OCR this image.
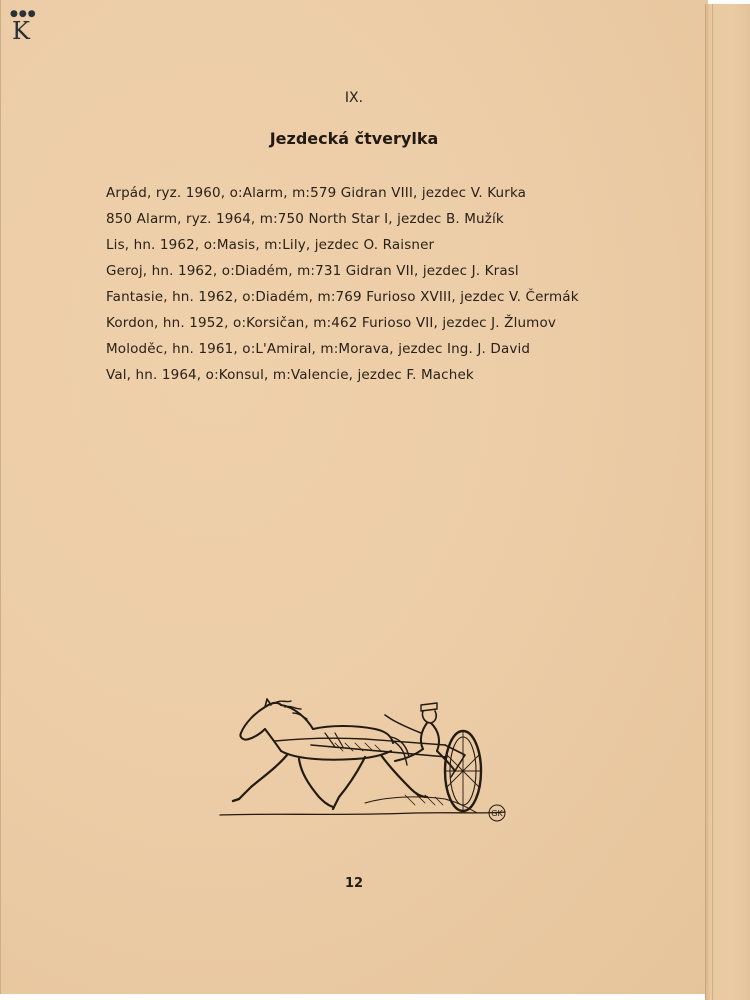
●●●
K
IX.
Jezdecká čtverylka
Arpád, ryz. 1960, o:Alarm, m:579 Gidran VIII, jezdec V. Kurka
850 Alarm, ryz. 1964, m:750 North Star I, jezdec B. Mužík
Lis, hn. 1962, o:Masis, m:Lily, jezdec O. Raisner
Geroj, hn. 1962, o:Diadém, m:731 Gidran VII, jezdec J. Krasl
Fantasie, hn. 1962, o:Diadém, m:769 Furioso XVIII, jezdec V. Čermák
Kordon, hn. 1952, o:Korsičan, m:462 Furioso VII, jezdec J. Žlumov
Moloděc, hn. 1961, o:L'Amiral, m:Morava, jezdec Ing. J. David
Val, hn. 1964, o:Konsul, m:Valencie, jezdec F. Machek
GK
12
